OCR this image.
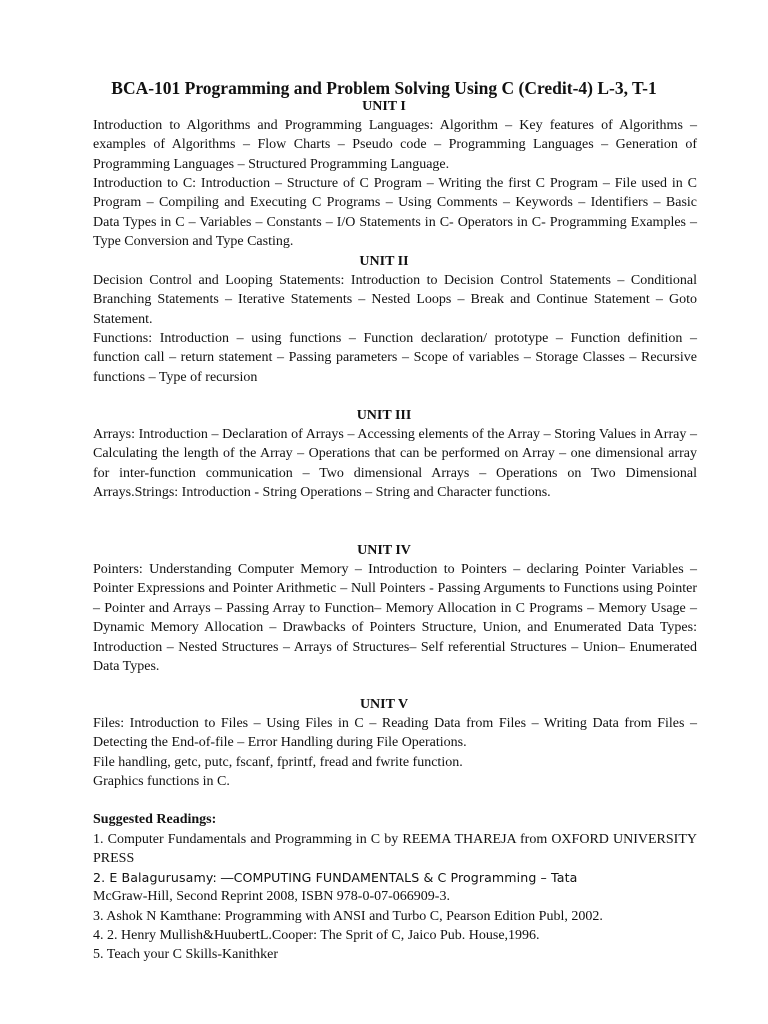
BCA-101 Programming and Problem Solving Using C (Credit-4) L-3, T-1
UNIT I
Introduction to Algorithms and Programming Languages: Algorithm – Key features of Algorithms – examples of Algorithms – Flow Charts – Pseudo code – Programming Languages – Generation of Programming Languages – Structured Programming Language.
Introduction to C: Introduction – Structure of C Program – Writing the first C Program – File used in C Program – Compiling and Executing C Programs – Using Comments – Keywords – Identifiers – Basic Data Types in C – Variables – Constants – I/O Statements in C- Operators in C- Programming Examples – Type Conversion and Type Casting.
UNIT II
Decision Control and Looping Statements: Introduction to Decision Control Statements – Conditional Branching Statements – Iterative Statements – Nested Loops – Break and Continue Statement – Goto Statement.
Functions: Introduction – using functions – Function declaration/ prototype – Function definition – function call – return statement – Passing parameters – Scope of variables – Storage Classes – Recursive functions – Type of recursion
UNIT III
Arrays: Introduction – Declaration of Arrays – Accessing elements of the Array – Storing Values in Array – Calculating the length of the Array – Operations that can be performed on Array – one dimensional array for inter-function communication – Two dimensional Arrays – Operations on Two Dimensional Arrays.Strings: Introduction - String Operations – String and Character functions.
UNIT IV
Pointers: Understanding Computer Memory – Introduction to Pointers – declaring Pointer Variables – Pointer Expressions and Pointer Arithmetic – Null Pointers - Passing Arguments to Functions using Pointer – Pointer and Arrays – Passing Array to Function– Memory Allocation in C Programs – Memory Usage – Dynamic Memory Allocation – Drawbacks of Pointers Structure, Union, and Enumerated Data Types: Introduction – Nested Structures – Arrays of Structures– Self referential Structures – Union– Enumerated Data Types.
UNIT V
Files: Introduction to Files – Using Files in C – Reading Data from Files – Writing Data from Files – Detecting the End-of-file – Error Handling during File Operations.
File handling, getc, putc, fscanf, fprintf, fread and fwrite function.
Graphics functions in C.
Suggested Readings:
1. Computer Fundamentals and Programming in C by REEMA THAREJA from OXFORD UNIVERSITY PRESS
2. E Balagurusamy: ―COMPUTING FUNDAMENTALS & C Programming – Tata
McGraw-Hill, Second Reprint 2008, ISBN 978-0-07-066909-3.
3. Ashok N Kamthane: Programming with ANSI and Turbo C, Pearson Edition Publ, 2002.
4. 2. Henry Mullish&HuubertL.Cooper: The Sprit of C, Jaico Pub. House,1996.
5. Teach your C Skills-Kanithker
